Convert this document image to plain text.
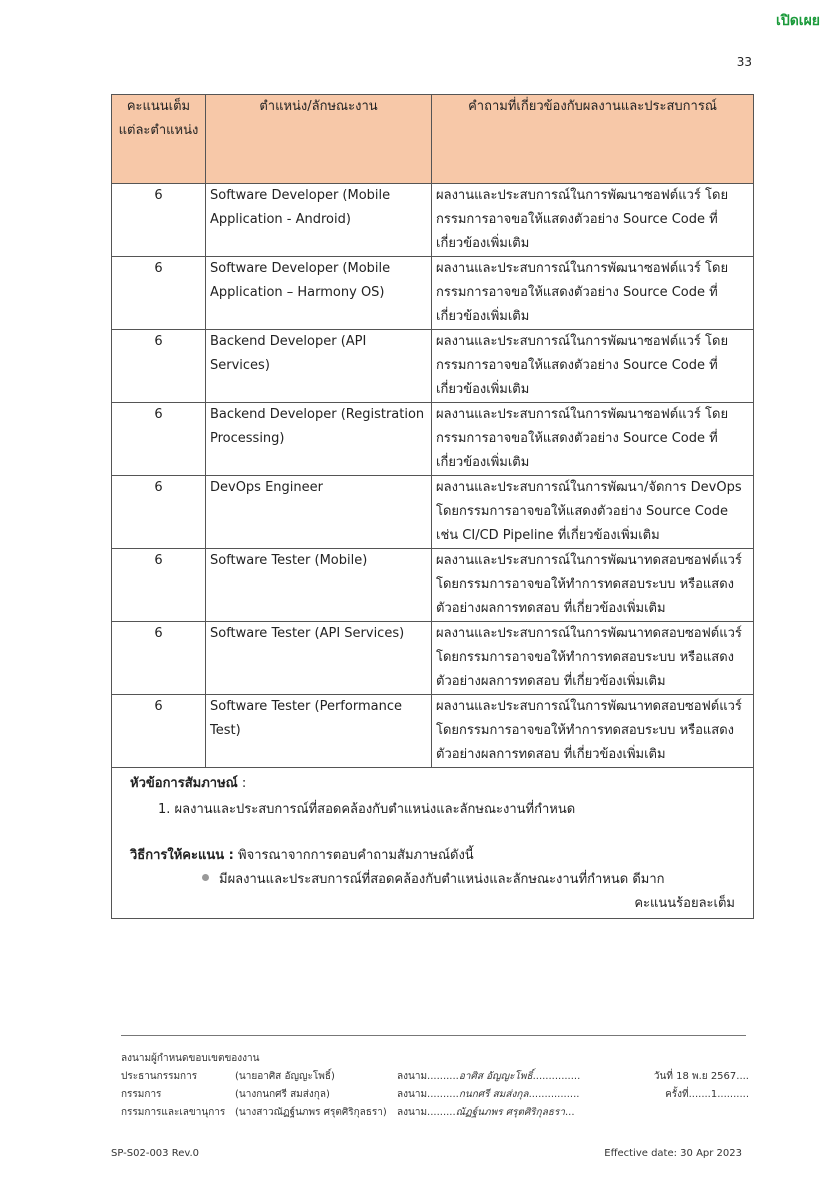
เปิดเผย
33
คะแนนเต็มแต่ละตำแหน่ง	ตำแหน่ง/ลักษณะงาน	คำถามที่เกี่ยวข้องกับผลงานและประสบการณ์
6	Software Developer (Mobile Application - Android)	ผลงานและประสบการณ์ในการพัฒนาซอฟต์แวร์ โดยกรรมการอาจขอให้แสดงตัวอย่าง Source Code ที่เกี่ยวข้องเพิ่มเติม
6	Software Developer (Mobile Application – Harmony OS)	ผลงานและประสบการณ์ในการพัฒนาซอฟต์แวร์ โดยกรรมการอาจขอให้แสดงตัวอย่าง Source Code ที่เกี่ยวข้องเพิ่มเติม
6	Backend Developer (API Services)	ผลงานและประสบการณ์ในการพัฒนาซอฟต์แวร์ โดยกรรมการอาจขอให้แสดงตัวอย่าง Source Code ที่เกี่ยวข้องเพิ่มเติม
6	Backend Developer (Registration Processing)	ผลงานและประสบการณ์ในการพัฒนาซอฟต์แวร์ โดยกรรมการอาจขอให้แสดงตัวอย่าง Source Code ที่เกี่ยวข้องเพิ่มเติม
6	DevOps Engineer	ผลงานและประสบการณ์ในการพัฒนา/จัดการ DevOps โดยกรรมการอาจขอให้แสดงตัวอย่าง Source Code เช่น CI/CD Pipeline ที่เกี่ยวข้องเพิ่มเติม
6	Software Tester (Mobile)	ผลงานและประสบการณ์ในการพัฒนาทดสอบซอฟต์แวร์ โดยกรรมการอาจขอให้ทำการทดสอบระบบ หรือแสดงตัวอย่างผลการทดสอบ ที่เกี่ยวข้องเพิ่มเติม
6	Software Tester (API Services)	ผลงานและประสบการณ์ในการพัฒนาทดสอบซอฟต์แวร์ โดยกรรมการอาจขอให้ทำการทดสอบระบบ หรือแสดงตัวอย่างผลการทดสอบ ที่เกี่ยวข้องเพิ่มเติม
6	Software Tester (Performance Test)	ผลงานและประสบการณ์ในการพัฒนาทดสอบซอฟต์แวร์ โดยกรรมการอาจขอให้ทำการทดสอบระบบ หรือแสดงตัวอย่างผลการทดสอบ ที่เกี่ยวข้องเพิ่มเติม

หัวข้อการสัมภาษณ์ :
1. ผลงานและประสบการณ์ที่สอดคล้องกับตำแหน่งและลักษณะงานที่กำหนด
วิธีการให้คะแนน : พิจารณาจากการตอบคำถามสัมภาษณ์ดังนี้
มีผลงานและประสบการณ์ที่สอดคล้องกับตำแหน่งและลักษณะงานที่กำหนด ดีมาก
คะแนนร้อยละเต็ม		
ลงนามผู้กำหนดขอบเขตของงาน
ประธานกรรมการ	(นายอาศิส อัญญะโพธิ์)	ลงนาม..........อาศิส อัญญะโพธิ์...............	วันที่ 18 พ.ย 2567....
กรรมการ	(นางกนกศรี สมส่งกุล)	ลงนาม..........กนกศรี สมส่งกุล................	ครั้งที่.......1..........
กรรมการและเลขานุการ (นางสาวณัฏฐ์นภพร ศรุตศิริกุลธรา) ลงนาม.........ณัฏฐ์นภพร ศรุตศิริกุลธรา...
SP-S02-003 Rev.0	Effective date: 30 Apr 2023
